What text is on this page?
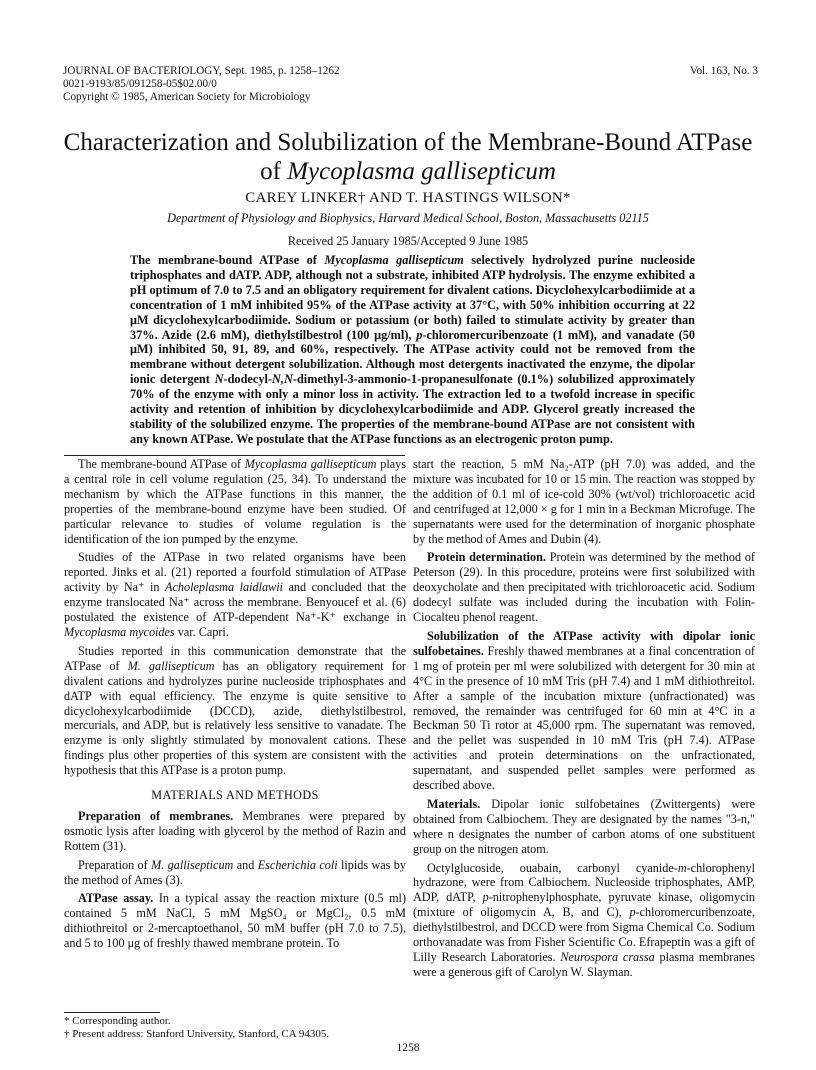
JOURNAL OF BACTERIOLOGY, Sept. 1985, p. 1258–1262
0021-9193/85/091258-05$02.00/0
Copyright © 1985, American Society for Microbiology
Vol. 163, No. 3
Characterization and Solubilization of the Membrane-Bound ATPase
of Mycoplasma gallisepticum
CAREY LINKER† AND T. HASTINGS WILSON*
Department of Physiology and Biophysics, Harvard Medical School, Boston, Massachusetts 02115
Received 25 January 1985/Accepted 9 June 1985
The membrane-bound ATPase of Mycoplasma gallisepticum selectively hydrolyzed purine nucleoside triphosphates and dATP. ADP, although not a substrate, inhibited ATP hydrolysis. The enzyme exhibited a pH optimum of 7.0 to 7.5 and an obligatory requirement for divalent cations. Dicyclohexylcarbodiimide at a concentration of 1 mM inhibited 95% of the ATPase activity at 37°C, with 50% inhibition occurring at 22 μM dicyclohexylcarbodiimide. Sodium or potassium (or both) failed to stimulate activity by greater than 37%. Azide (2.6 mM), diethylstilbestrol (100 μg/ml), p-chloromercuribenzoate (1 mM), and vanadate (50 μM) inhibited 50, 91, 89, and 60%, respectively. The ATPase activity could not be removed from the membrane without detergent solubilization. Although most detergents inactivated the enzyme, the dipolar ionic detergent N-dodecyl-N,N-dimethyl-3-ammonio-1-propanesulfonate (0.1%) solubilized approximately 70% of the enzyme with only a minor loss in activity. The extraction led to a twofold increase in specific activity and retention of inhibition by dicyclohexylcarbodiimide and ADP. Glycerol greatly increased the stability of the solubilized enzyme. The properties of the membrane-bound ATPase are not consistent with any known ATPase. We postulate that the ATPase functions as an electrogenic proton pump.

The membrane-bound ATPase of Mycoplasma gallisepticum plays a central role in cell volume regulation (25, 34). To understand the mechanism by which the ATPase functions in this manner, the properties of the membrane-bound enzyme have been studied. Of particular relevance to studies of volume regulation is the identification of the ion pumped by the enzyme.

Studies of the ATPase in two related organisms have been reported. Jinks et al. (21) reported a fourfold stimulation of ATPase activity by Na⁺ in Acholeplasma laidlawii and concluded that the enzyme translocated Na⁺ across the membrane. Benyoucef et al. (6) postulated the existence of ATP-dependent Na⁺-K⁺ exchange in Mycoplasma mycoides var. Capri.

Studies reported in this communication demonstrate that the ATPase of M. gallisepticum has an obligatory requirement for divalent cations and hydrolyzes purine nucleoside triphosphates and dATP with equal efficiency. The enzyme is quite sensitive to dicyclohexylcarbodiimide (DCCD), azide, diethylstilbestrol, mercurials, and ADP, but is relatively less sensitive to vanadate. The enzyme is only slightly stimulated by monovalent cations. These findings plus other properties of this system are consistent with the hypothesis that this ATPase is a proton pump.

MATERIALS AND METHODS

Preparation of membranes. Membranes were prepared by osmotic lysis after loading with glycerol by the method of Razin and Rottem (31).

Preparation of M. gallisepticum and Escherichia coli lipids was by the method of Ames (3).

ATPase assay. In a typical assay the reaction mixture (0.5 ml) contained 5 mM NaCl, 5 mM MgSO₄ or MgCl₂, 0.5 mM dithiothreitol or 2-mercaptoethanol, 50 mM buffer (pH 7.0 to 7.5), and 5 to 100 μg of freshly thawed membrane protein. To

start the reaction, 5 mM Na₂-ATP (pH 7.0) was added, and the mixture was incubated for 10 or 15 min. The reaction was stopped by the addition of 0.1 ml of ice-cold 30% (wt/vol) trichloroacetic acid and centrifuged at 12,000 × g for 1 min in a Beckman Microfuge. The supernatants were used for the determination of inorganic phosphate by the method of Ames and Dubin (4).

Protein determination. Protein was determined by the method of Peterson (29). In this procedure, proteins were first solubilized with deoxycholate and then precipitated with trichloroacetic acid. Sodium dodecyl sulfate was included during the incubation with Folin-Ciocalteu phenol reagent.

Solubilization of the ATPase activity with dipolar ionic sulfobetaines. Freshly thawed membranes at a final concentration of 1 mg of protein per ml were solubilized with detergent for 30 min at 4°C in the presence of 10 mM Tris (pH 7.4) and 1 mM dithiothreitol. After a sample of the incubation mixture (unfractionated) was removed, the remainder was centrifuged for 60 min at 4°C in a Beckman 50 Ti rotor at 45,000 rpm. The supernatant was removed, and the pellet was suspended in 10 mM Tris (pH 7.4). ATPase activities and protein determinations on the unfractionated, supernatant, and suspended pellet samples were performed as described above.

Materials. Dipolar ionic sulfobetaines (Zwittergents) were obtained from Calbiochem. They are designated by the names "3-n," where n designates the number of carbon atoms of one substituent group on the nitrogen atom.

Octylglucoside, ouabain, carbonyl cyanide-m-chlorophenyl hydrazone, were from Calbiochem. Nucleoside triphosphates, AMP, ADP, dATP, p-nitrophenylphosphate, pyruvate kinase, oligomycin (mixture of oligomycin A, B, and C), p-chloromercuribenzoate, diethylstilbestrol, and DCCD were from Sigma Chemical Co. Sodium orthovanadate was from Fisher Scientific Co. Efrapeptin was a gift of Lilly Research Laboratories. Neurospora crassa plasma membranes were a generous gift of Carolyn W. Slayman.

* Corresponding author.
† Present address: Stanford University, Stanford, CA 94305.
1258
